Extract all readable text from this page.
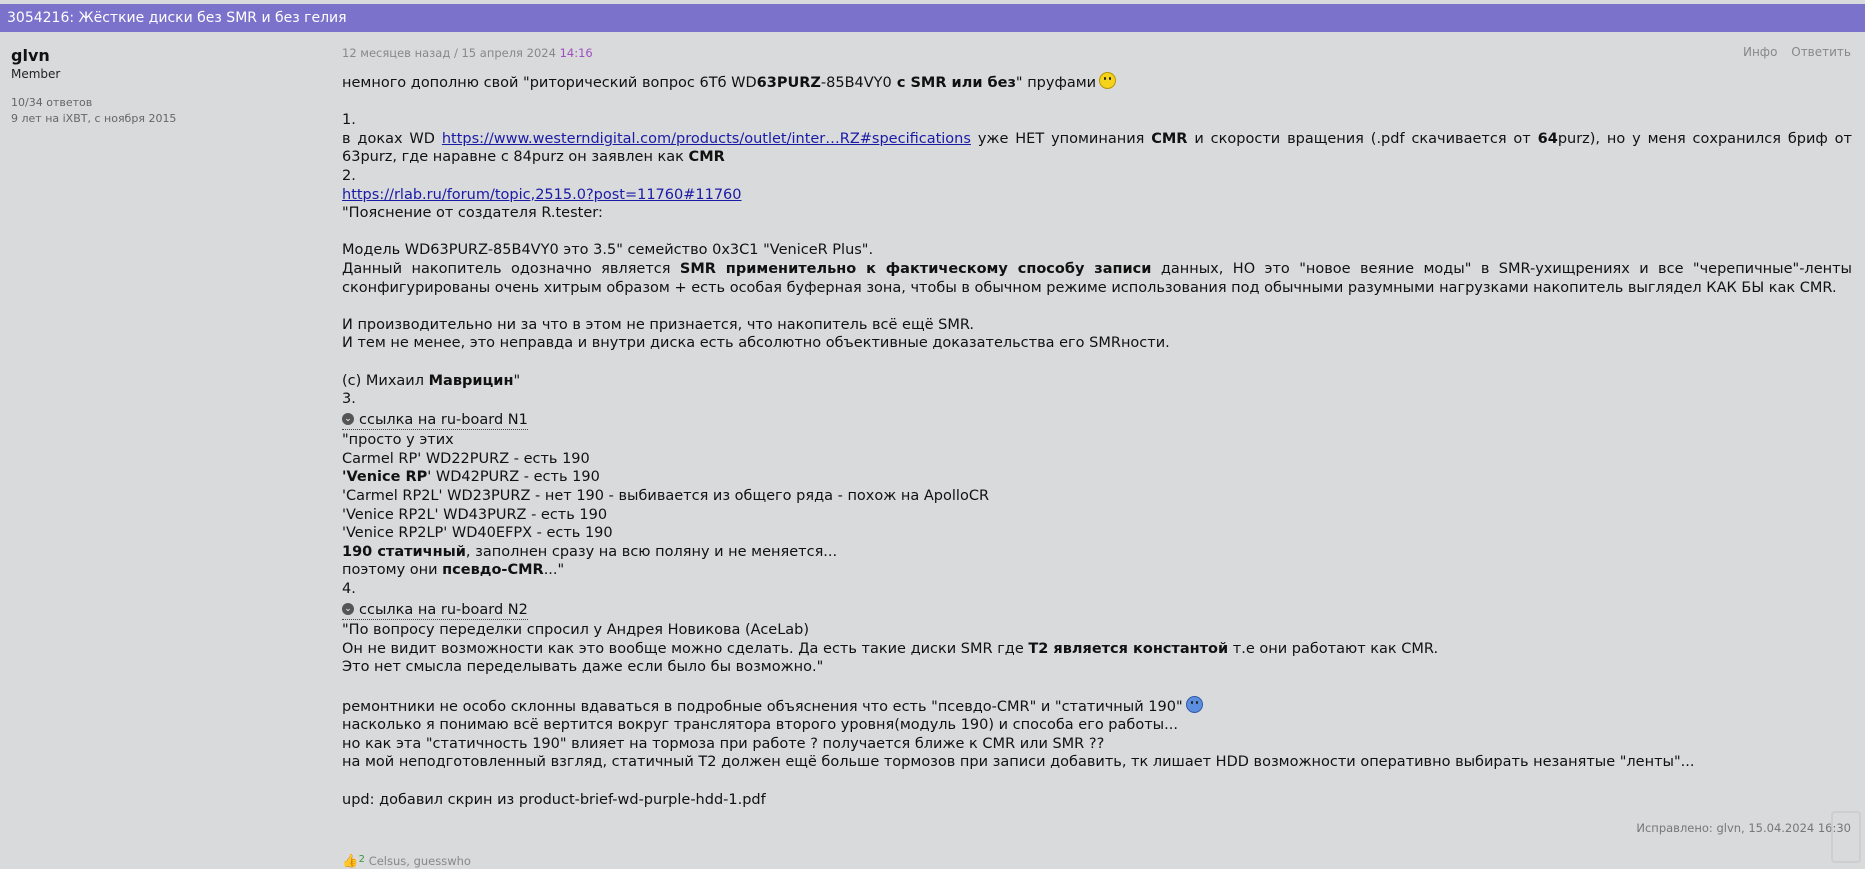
3054216: Жёсткие диски без SMR и без гелия
glvn
Member
10/34 ответов
9 лет на iXBT, с ноября 2015
12 месяцев назад / 15 апреля 2024 14:16	Инфо Ответить

немного дополню свой "риторический вопрос 6Тб WD63PURZ-85B4VY0 с SMR или без" пруфами

1.

в доках WD https://www.westerndigital.com/products/outlet/inter…RZ#specifications уже НЕТ упоминания CMR и скорости вращения (.pdf скачивается от 64purz), но у меня сохранился бриф от 63purz, где наравне с 84purz он заявлен как CMR

2.

https://rlab.ru/forum/topic,2515.0?post=11760#11760

"Пояснение от создателя R.tester:

Модель WD63PURZ-85B4VY0 это 3.5" семейство 0x3C1 "VeniceR Plus".

Данный накопитель одозначно является SMR применительно к фактическому способу записи данных, НО это "новое веяние моды" в SMR-ухищрениях и все "черепичные"-ленты сконфигурированы очень хитрым образом + есть особая буферная зона, чтобы в обычном режиме использования под обычными разумными нагрузками накопитель выглядел КАК БЫ как CMR.

И производительно ни за что в этом не признается, что накопитель всё ещё SMR.

И тем не менее, это неправда и внутри диска есть абсолютно объективные доказательства его SMRности.

(c) Михаил Маврицин"

3.

⌄ ссылка на ru-board N1

"просто у этих

Carmel RP' WD22PURZ - есть 190

'Venice RP' WD42PURZ - есть 190

'Carmel RP2L' WD23PURZ - нет 190 - выбивается из общего ряда - похож на ApolloCR

'Venice RP2L' WD43PURZ - есть 190

'Venice RP2LP' WD40EFPX - есть 190

190 статичный, заполнен сразу на всю поляну и не меняется...

поэтому они псевдо-CMR..."

4.

⌄ ссылка на ru-board N2

"По вопросу переделки спросил у Андрея Новикова (AceLab)

Он не видит возможности как это вообще можно сделать. Да есть такие диски SMR где T2 является константой т.е они работают как CMR.

Это нет смысла переделывать даже если было бы возможно."

ремонтники не особо склонны вдаваться в подробные объяснения что есть "псевдо-CMR" и "статичный 190"

насколько я понимаю всё вертится вокруг транслятора второго уровня(модуль 190) и способа его работы...

но как эта "статичность 190" влияет на тормоза при работе ? получается ближе к CMR или SMR ??

на мой неподготовленный взгляд, статичный T2 должен ещё больше тормозов при записи добавить, тк лишает HDD возможности оперативно выбирать незанятые "ленты"...

upd: добавил скрин из product-brief-wd-purple-hdd-1.pdf

Исправлено: glvn, 15.04.2024 16:30
👍 2 Celsus, guesswho
